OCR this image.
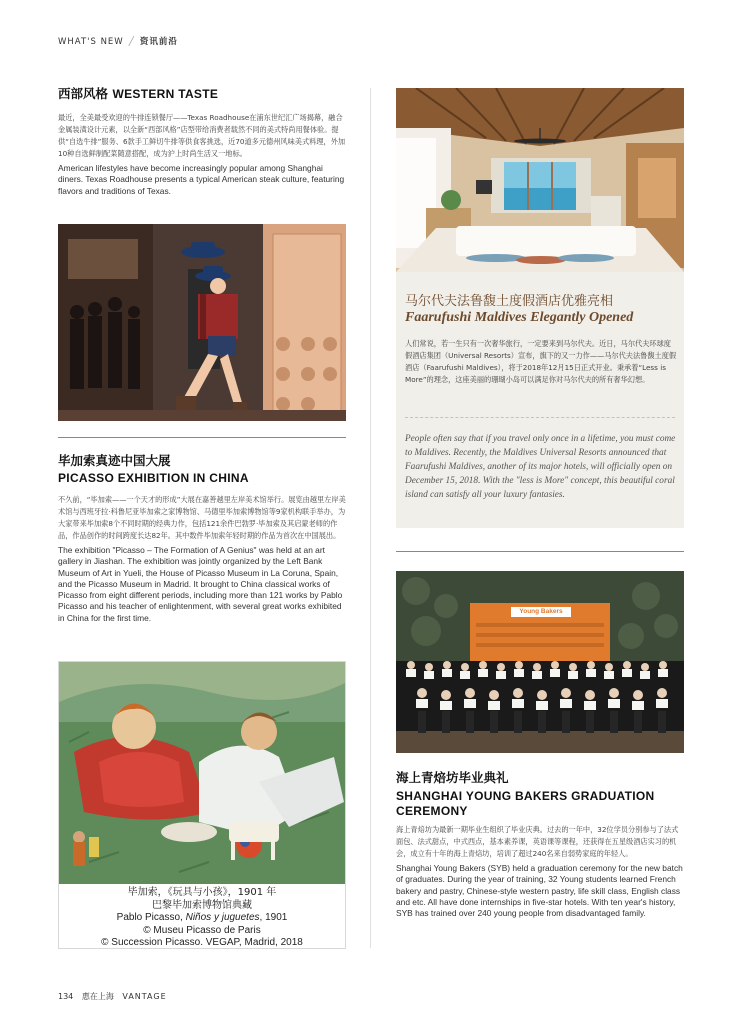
WHAT'S NEW ╱ 资讯前沿
西部风格 WESTERN TASTE
最近，全美最受欢迎的牛排连锁餐厅——Texas Roadhouse在浦东世纪汇广场揭幕，融合金属装潢设计元素，以全新“西部风格”店型带给消费者载然不同的美式特尚用餐体验。提供“自选牛排”服务、6款手工鲜切牛排等供食客挑选，近70道多元德州风味美式料理，外加10种自选鲜制配菜随意搭配，成为沪上时尚生活又一地标。
American lifestyles have become increasingly popular among Shanghai diners. Texas Roadhouse presents a typical American steak culture, featuring flavors and traditions of Texas.
毕加索真迹中国大展
PICASSO EXHIBITION IN CHINA
不久前，“毕加索——一个天才的形成”大展在嘉善越里左岸美术馆举行。展览由越里左岸美术馆与西班牙拉·科鲁尼亚毕加索之家博物馆、马德里毕加索博物馆等9家机构联手举办，为大家带来毕加索8个不同时期的经典力作，包括121余件巴勃罗·毕加索及其启蒙老师的作品，作品创作的时间跨度长达82年。其中数件毕加索年轻时期的作品为首次在中国展出。
The exhibition "Picasso – The Formation of A Genius" was held at an art gallery in Jiashan. The exhibition was jointly organized by the Left Bank Museum of Art in Yueli, the House of Picasso Museum in La Coruna, Spain, and the Picasso Museum in Madrid. It brought to China classical works of Picasso from eight different periods, including more than 121 works by Pablo Picasso and his teacher of enlightenment, with several great works exhibited in China for the first time.
毕加索，《玩具与小孩》，1901 年
巴黎毕加索博物馆典藏
Pablo Picasso, Niños y juguetes, 1901
© Museu Picasso de Paris
© Succession Picasso. VEGAP, Madrid, 2018
马尔代夫法鲁馥土度假酒店优雅亮相
Faarufushi Maldives Elegantly Opened
人们常说，若一生只有一次奢华旅行，一定要来到马尔代夫。近日，马尔代夫环球度假酒店集团（Universal Resorts）宣布，旗下的又一力作——马尔代夫法鲁馥土度假酒店（Faarufushi Maldives），将于2018年12月15日正式开业。秉承着“Less is More”的理念，这座美丽的珊瑚小岛可以满足你对马尔代夫的所有奢华幻想。
People often say that if you travel only once in a lifetime, you must come to Maldives. Recently, the Maldives Universal Resorts announced that Faarufushi Maldives, another of its major hotels, will officially open on December 15, 2018. With the "less is More" concept, this beautiful coral island can satisfy all your luxury fantasies.
Young Bakers
海上青焙坊毕业典礼
SHANGHAI YOUNG BAKERS GRADUATION
CEREMONY
海上青焙坊为最新一期毕业生组织了毕业庆典。过去的一年中，32位学员分别参与了法式面包、法式甜点，中式西点，基本素养课，英语课等课程，还获得在五星级酒店实习的机会，成立有十年的海上青焙坊，培训了超过240名来自弱势家庭的年轻人。
Shanghai Young Bakers (SYB) held a graduation ceremony for the new batch of graduates. During the year of training, 32 Young students learned French bakery and pastry, Chinese-style western pastry, life skill class, English class and etc. All have done internships in five-star hotels. With ten year's history, SYB has trained over 240 young people from disadvantaged family.
134 惠在上海 VANTAGE
